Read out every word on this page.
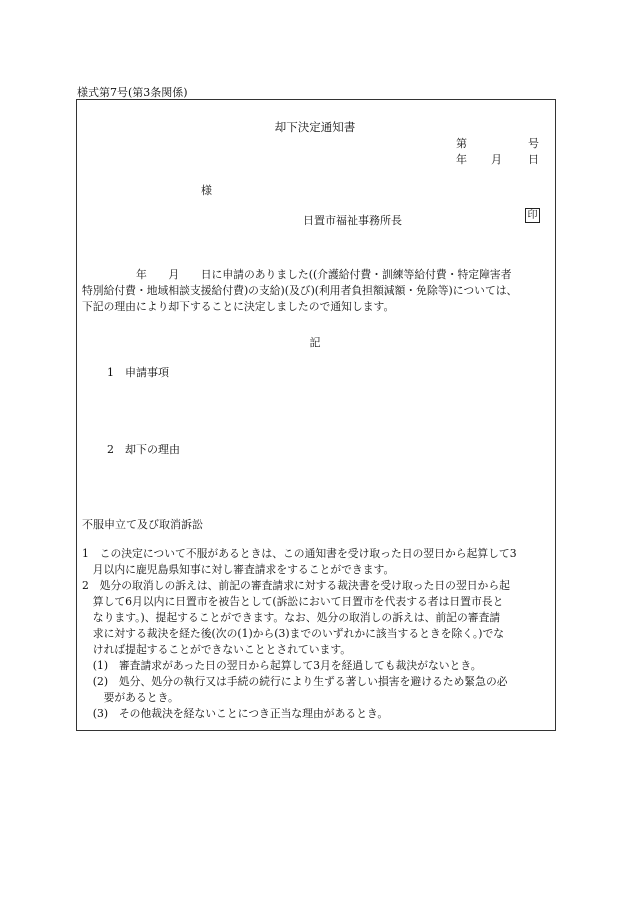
様式第7号(第3条関係)
却下決定通知書
第	号
年 月 日
様
日置市福祉事務所長	印
　　　　　年　　月　　日に申請のありました((介護給付費・訓練等給付費・特定障害者
特別給付費・地域相談支援給付費)の支給)(及び)(利用者負担額減額・免除等)については、
下記の理由により却下することに決定しましたので通知します。
記
1　申請事項
2　却下の理由
不服申立て及び取消訴訟
1　この決定について不服があるときは、この通知書を受け取った日の翌日から起算して3
　月以内に鹿児島県知事に対し審査請求をすることができます。
2　処分の取消しの訴えは、前記の審査請求に対する裁決書を受け取った日の翌日から起
　算して6月以内に日置市を被告として(訴訟において日置市を代表する者は日置市長と
　なります。)、提起することができます。なお、処分の取消しの訴えは、前記の審査請
　求に対する裁決を経た後(次の(1)から(3)までのいずれかに該当するときを除く。)でな
　ければ提起することができないこととされています。
　(1)　審査請求があった日の翌日から起算して3月を経過しても裁決がないとき。
　(2)　処分、処分の執行又は手続の続行により生ずる著しい損害を避けるため緊急の必
　　要があるとき。
　(3)　その他裁決を経ないことにつき正当な理由があるとき。
